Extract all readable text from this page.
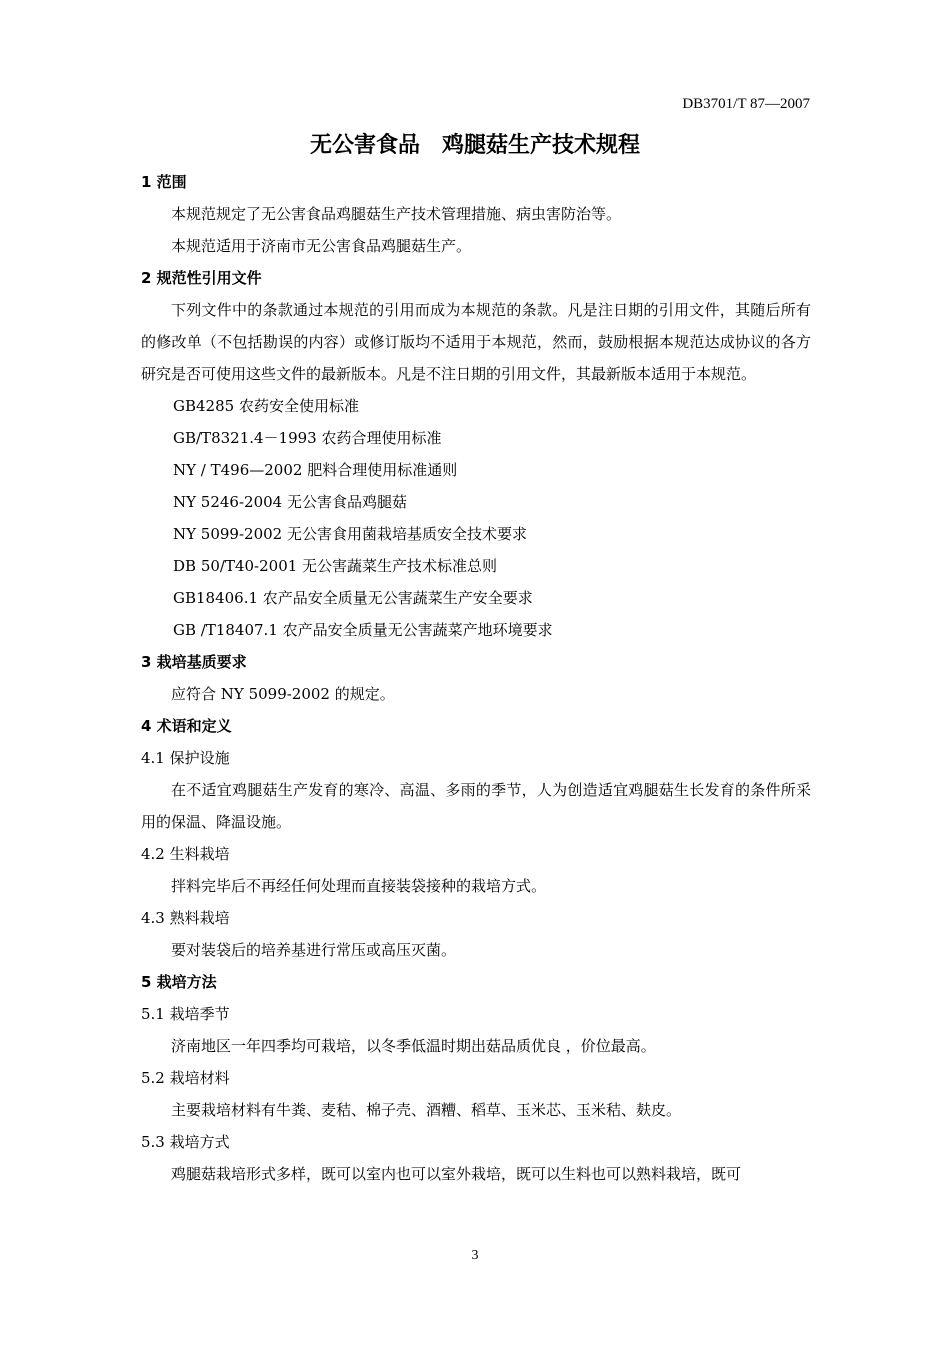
DB3701/T 87—2007
无公害食品　鸡腿菇生产技术规程
1 范围
本规范规定了无公害食品鸡腿菇生产技术管理措施、病虫害防治等。
本规范适用于济南市无公害食品鸡腿菇生产。
2 规范性引用文件
下列文件中的条款通过本规范的引用而成为本规范的条款。凡是注日期的引用文件，其随后所有的修改单（不包括勘误的内容）或修订版均不适用于本规范，然而，鼓励根据本规范达成协议的各方研究是否可使用这些文件的最新版本。凡是不注日期的引用文件，其最新版本适用于本规范。
GB4285 农药安全使用标准
GB/T8321.4－1993 农药合理使用标准
NY / T496—2002 肥料合理使用标准通则
NY 5246-2004 无公害食品鸡腿菇
NY 5099-2002 无公害食用菌栽培基质安全技术要求
DB 50/T40-2001 无公害蔬菜生产技术标准总则
GB18406.1 农产品安全质量无公害蔬菜生产安全要求
GB /T18407.1 农产品安全质量无公害蔬菜产地环境要求
3 栽培基质要求
应符合 NY 5099-2002 的规定。
4 术语和定义
4.1 保护设施
在不适宜鸡腿菇生产发育的寒冷、高温、多雨的季节，人为创造适宜鸡腿菇生长发育的条件所采用的保温、降温设施。
4.2 生料栽培
拌料完毕后不再经任何处理而直接装袋接种的栽培方式。
4.3 熟料栽培
要对装袋后的培养基进行常压或高压灭菌。
5 栽培方法
5.1 栽培季节
济南地区一年四季均可栽培，以冬季低温时期出菇品质优良 ，价位最高。
5.2 栽培材料
主要栽培材料有牛粪、麦秸、棉子壳、酒糟、稻草、玉米芯、玉米秸、麸皮。
5.3 栽培方式
鸡腿菇栽培形式多样，既可以室内也可以室外栽培，既可以生料也可以熟料栽培，既可
3
